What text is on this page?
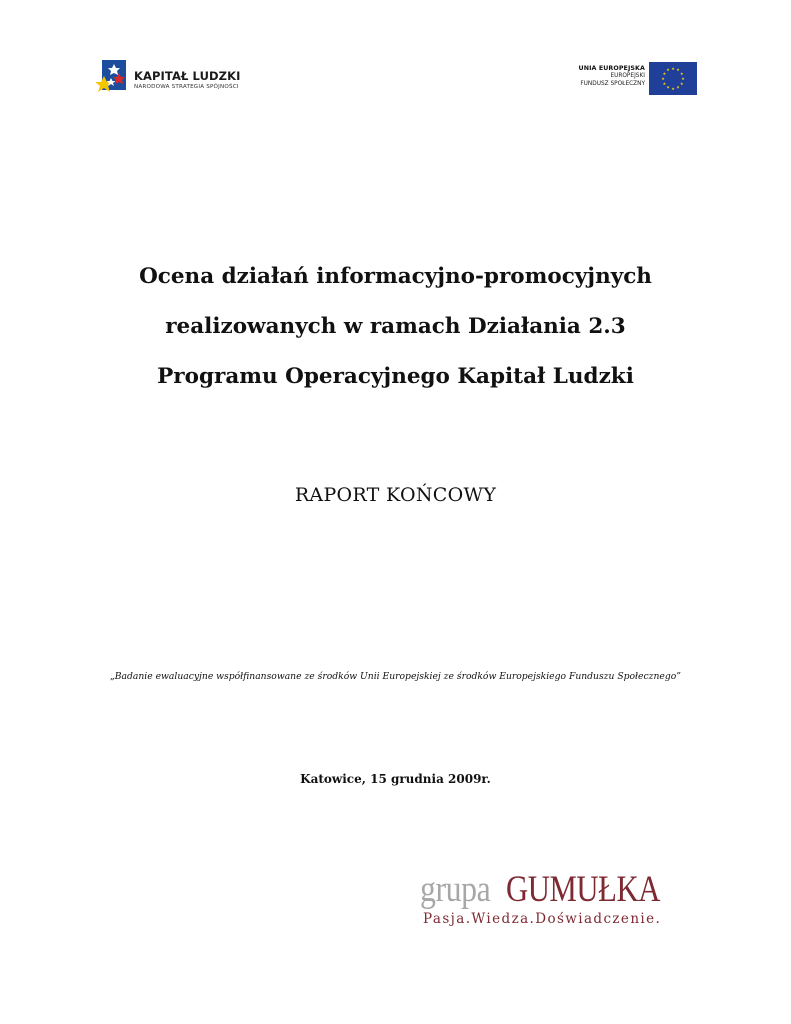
KAPITAŁ LUDZKI
NARODOWA STRATEGIA SPÓJNOŚCI
UNIA EUROPEJSKA
EUROPEJSKI
FUNDUSZ SPOŁECZNY
★ ★
★
★
★
★
★
★
★
★
★
★
Ocena działań informacyjno-promocyjnych
realizowanych w ramach Działania 2.3
Programu Operacyjnego Kapitał Ludzki
RAPORT KOŃCOWY
„Badanie ewaluacyjne współfinansowane ze środków Unii Europejskiej ze środków Europejskiego Funduszu Społecznego”
Katowice, 15 grudnia 2009r.
grupa GUMUŁKA
Pasja.Wiedza.Doświadczenie.
